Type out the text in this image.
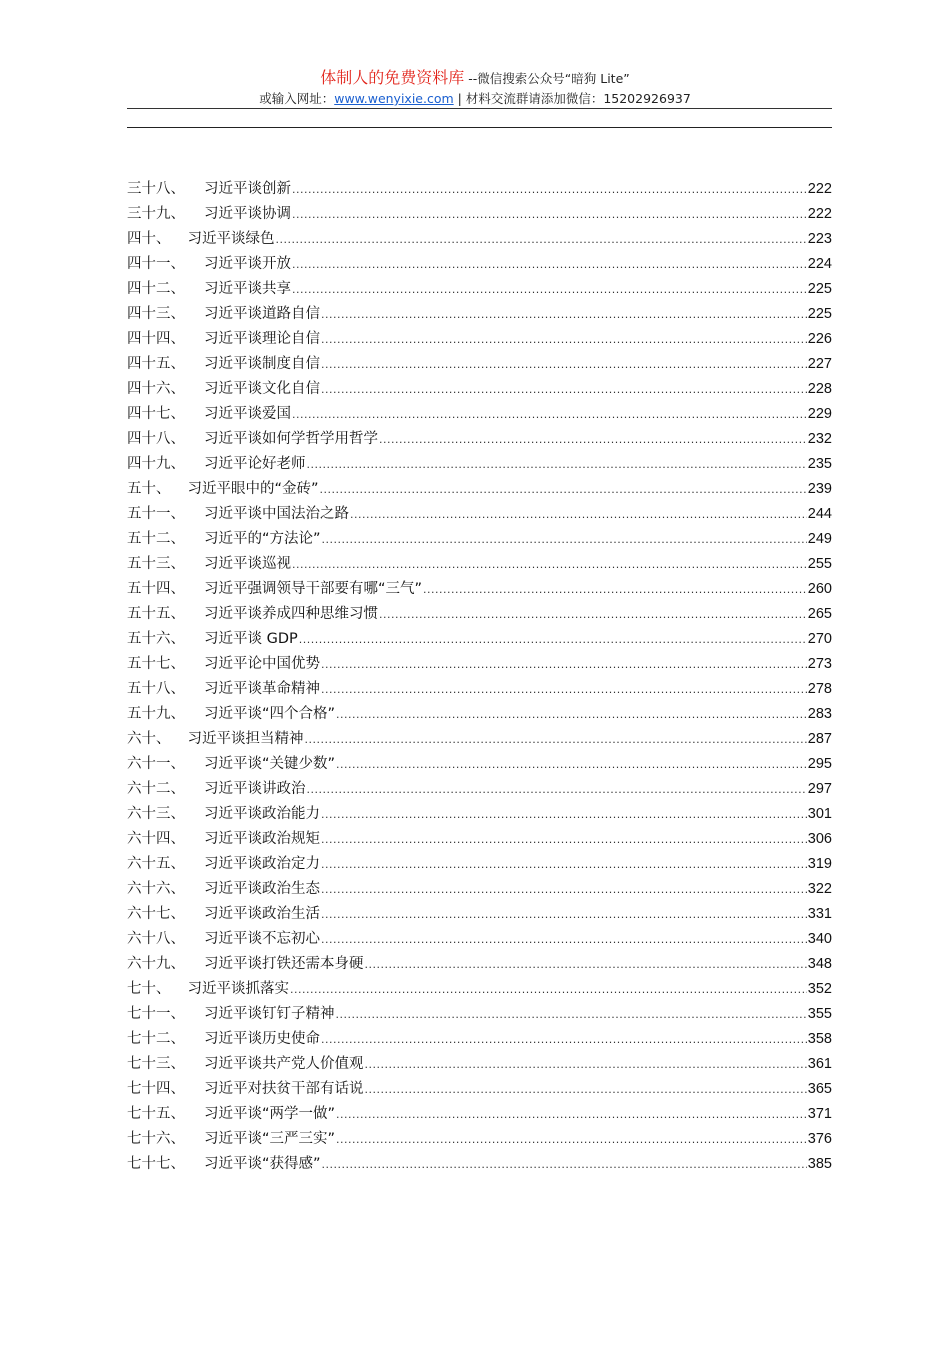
体制人的免费资料库 --微信搜索公众号“暗狗 Lite”
或输入网址：www.wenyixie.com | 材料交流群请添加微信：15202926937
三十八、 习近平谈创新 .....	222
三十九、 习近平谈协调 .....	222
四十、 习近平谈绿色 .....	223
四十一、 习近平谈开放 .....	224
四十二、 习近平谈共享 .....	225
四十三、 习近平谈道路自信 .....	225
四十四、 习近平谈理论自信 .....	226
四十五、 习近平谈制度自信 .....	227
四十六、 习近平谈文化自信 .....	228
四十七、 习近平谈爱国 .....	229
四十八、 习近平谈如何学哲学用哲学 .....	232
四十九、 习近平论好老师 .....	235
五十、 习近平眼中的“金砖” .....	239
五十一、 习近平谈中国法治之路 .....	244
五十二、 习近平的“方法论” .....	249
五十三、 习近平谈巡视 .....	255
五十四、 习近平强调领导干部要有哪“三气” .....	260
五十五、 习近平谈养成四种思维习惯 .....	265
五十六、 习近平谈 GDP .....	270
五十七、 习近平论中国优势 .....	273
五十八、 习近平谈革命精神 .....	278
五十九、 习近平谈“四个合格” .....	283
六十、 习近平谈担当精神 .....	287
六十一、 习近平谈“关键少数” .....	295
六十二、 习近平谈讲政治 .....	297
六十三、 习近平谈政治能力 .....	301
六十四、 习近平谈政治规矩 .....	306
六十五、 习近平谈政治定力 .....	319
六十六、 习近平谈政治生态 .....	322
六十七、 习近平谈政治生活 .....	331
六十八、 习近平谈不忘初心 .....	340
六十九、 习近平谈打铁还需本身硬 .....	348
七十、 习近平谈抓落实 .....	352
七十一、 习近平谈钉钉子精神 .....	355
七十二、 习近平谈历史使命 .....	358
七十三、 习近平谈共产党人价值观 .....	361
七十四、 习近平对扶贫干部有话说 .....	365
七十五、 习近平谈“两学一做” .....	371
七十六、 习近平谈“三严三实” .....	376
七十七、 习近平谈“获得感” .....	385
